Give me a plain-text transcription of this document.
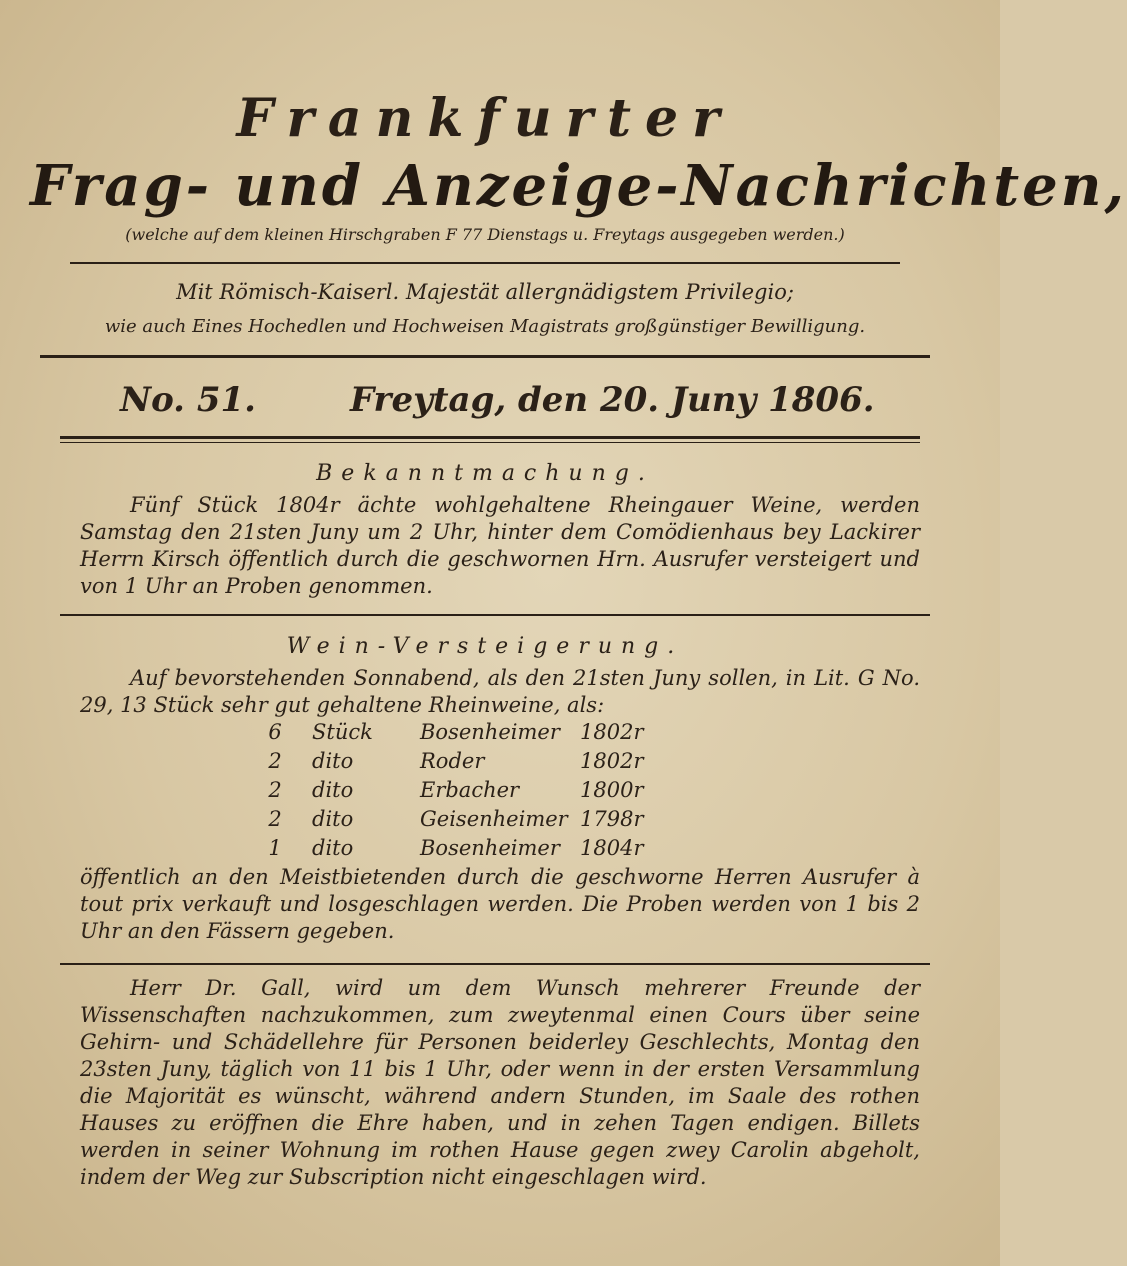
Frankfurter
Frag- und Anzeige-Nachrichten,
(welche auf dem kleinen Hirschgraben F 77 Dienstags u. Freytags ausgegeben werden.)
Mit Römisch-Kaiserl. Majestät allergnädigstem Privilegio;
wie auch Eines Hochedlen und Hochweisen Magistrats großgünstiger Bewilligung.
No. 51.	Freytag, den 20. Juny 1806.
Bekanntmachung.
Fünf Stück 1804r ächte wohlgehaltene Rheingauer Weine, werden Samstag den 21sten Juny um 2 Uhr, hinter dem Comödienhaus bey Lackirer Herrn Kirsch öffentlich durch die geschwornen Hrn. Ausrufer versteigert und von 1 Uhr an Proben genommen.
Wein-Versteigerung.
Auf bevorstehenden Sonnabend, als den 21sten Juny sollen, in Lit. G No. 29, 13 Stück sehr gut gehaltene Rheinweine, als:
6	Stück	Bosenheimer	1802r
2	dito	Roder	1802r
2	dito	Erbacher	1800r
2	dito	Geisenheimer	1798r
1	dito	Bosenheimer	1804r
öffentlich an den Meistbietenden durch die geschworne Herren Ausrufer à tout prix verkauft und losgeschlagen werden. Die Proben werden von 1 bis 2 Uhr an den Fässern gegeben.
Herr Dr. Gall, wird um dem Wunsch mehrerer Freunde der Wissenschaften nachzukommen, zum zweytenmal einen Cours über seine Gehirn- und Schädellehre für Personen beiderley Geschlechts, Montag den 23sten Juny, täglich von 11 bis 1 Uhr, oder wenn in der ersten Versammlung die Majorität es wünscht, während andern Stunden, im Saale des rothen Hauses zu eröffnen die Ehre haben, und in zehen Tagen endigen. Billets werden in seiner Wohnung im rothen Hause gegen zwey Carolin abgeholt, indem der Weg zur Subscription nicht eingeschlagen wird.
